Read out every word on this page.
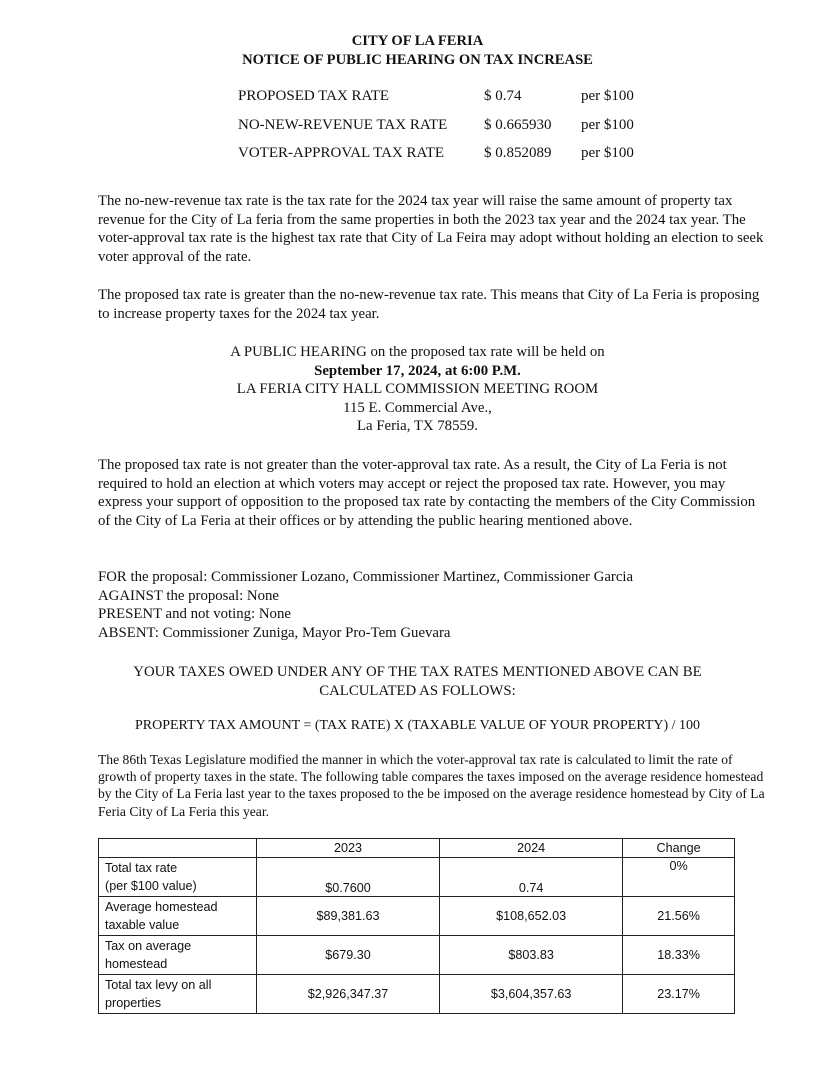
CITY OF LA FERIA
NOTICE OF PUBLIC HEARING ON TAX INCREASE
PROPOSED TAX RATE	$ 0.74	per $100
NO-NEW-REVENUE TAX RATE $ 0.665930 per $100
VOTER-APPROVAL TAX RATE	$ 0.852089 per $100
The no-new-revenue tax rate is the tax rate for the 2024 tax year will raise the same amount of property tax revenue for the City of La feria from the same properties in both the 2023 tax year and the 2024 tax year. The voter-approval tax rate is the highest tax rate that City of La Feira may adopt without holding an election to seek voter approval of the rate.
The proposed tax rate is greater than the no-new-revenue tax rate. This means that City of La Feria is proposing to increase property taxes for the 2024 tax year.
A PUBLIC HEARING on the proposed tax rate will be held on
September 17, 2024, at 6:00 P.M.
LA FERIA CITY HALL COMMISSION MEETING ROOM
115 E. Commercial Ave.,
La Feria, TX 78559.
The proposed tax rate is not greater than the voter-approval tax rate. As a result, the City of La Feria is not required to hold an election at which voters may accept or reject the proposed tax rate. However, you may express your support of opposition to the proposed tax rate by contacting the members of the City Commission of the City of La Feria at their offices or by attending the public hearing mentioned above.
FOR the proposal: Commissioner Lozano, Commissioner Martinez, Commissioner Garcia
AGAINST the proposal: None
PRESENT and not voting: None
ABSENT: Commissioner Zuniga, Mayor Pro-Tem Guevara
YOUR TAXES OWED UNDER ANY OF THE TAX RATES MENTIONED ABOVE CAN BE
CALCULATED AS FOLLOWS:
PROPERTY TAX AMOUNT = (TAX RATE) X (TAXABLE VALUE OF YOUR PROPERTY) / 100
The 86th Texas Legislature modified the manner in which the voter-approval tax rate is calculated to limit the rate of growth of property taxes in the state. The following table compares the taxes imposed on the average residence homestead by the City of La Feria last year to the taxes proposed to the be imposed on the average residence homestead by City of La Feria City of La Feria this year.
	2023	2024	Change

Total tax rate
(per $100 value)	$0.7600	0.74	0%

Average homestead
taxable value	$89,381.63	$108,652.03	21.56%

Tax on average
homestead	$679.30	$803.83	18.33%

Total tax levy on all
properties	$2,926,347.37	$3,604,357.63	23.17%
